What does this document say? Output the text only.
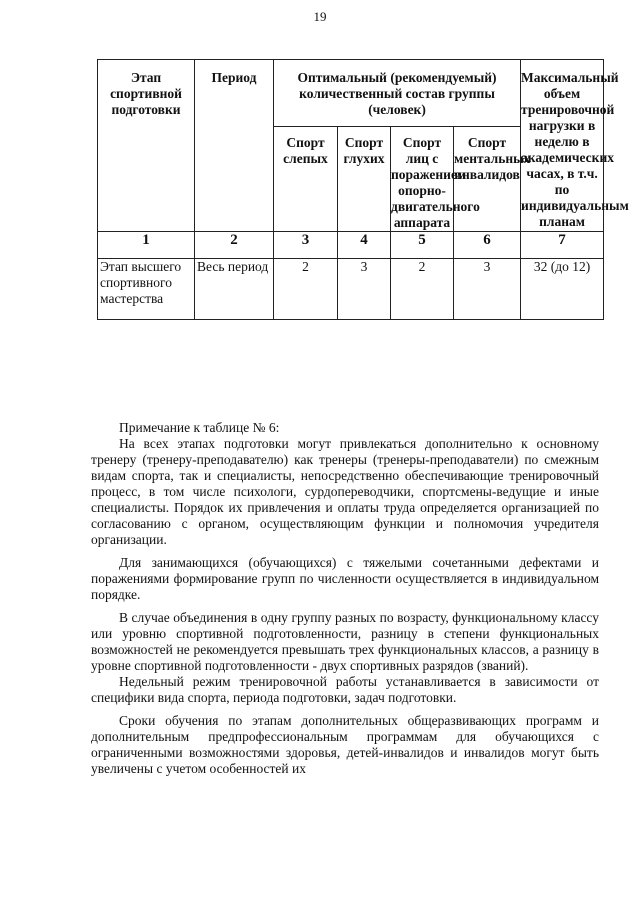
19
Этап спортивной подготовки	Период	Оптимальный (рекомендуемый) количественный состав группы (человек)				Максимальный объем тренировочной нагрузки в неделю в академических часах, в т.ч. по индивидуальным планам
		Спорт слепых	Спорт глухих	Спорт лиц с поражением опорно-двигательного аппарата	Спорт ментальных инвалидов	
1	2	3	4	5	6	7
Этап высшего спортивного мастерства	Весь период	2	3	2	3	32 (до 12)

Примечание к таблице № 6:

На всех этапах подготовки могут привлекаться дополнительно к основному тренеру (тренеру-преподавателю) как тренеры (тренеры-преподаватели) по смежным видам спорта, так и специалисты, непосредственно обеспечивающие тренировочный процесс, в том числе психологи, сурдопереводчики, спортсмены-ведущие и иные специалисты. Порядок их привлечения и оплаты труда определяется организацией по согласованию с органом, осуществляющим функции и полномочия учредителя организации.

Для занимающихся (обучающихся) с тяжелыми сочетанными дефектами и поражениями формирование групп по численности осуществляется в индивидуальном порядке.

В случае объединения в одну группу разных по возрасту, функциональному классу или уровню спортивной подготовленности, разницу в степени функциональных возможностей не рекомендуется превышать трех функциональных классов, а разницу в уровне спортивной подготовленности - двух спортивных разрядов (званий).

Недельный режим тренировочной работы устанавливается в зависимости от специфики вида спорта, периода подготовки, задач подготовки.

Сроки обучения по этапам дополнительных общеразвивающих программ и дополнительным предпрофессиональным программам для обучающихся с ограниченными возможностями здоровья, детей-инвалидов и инвалидов могут быть увеличены с учетом особенностей их
